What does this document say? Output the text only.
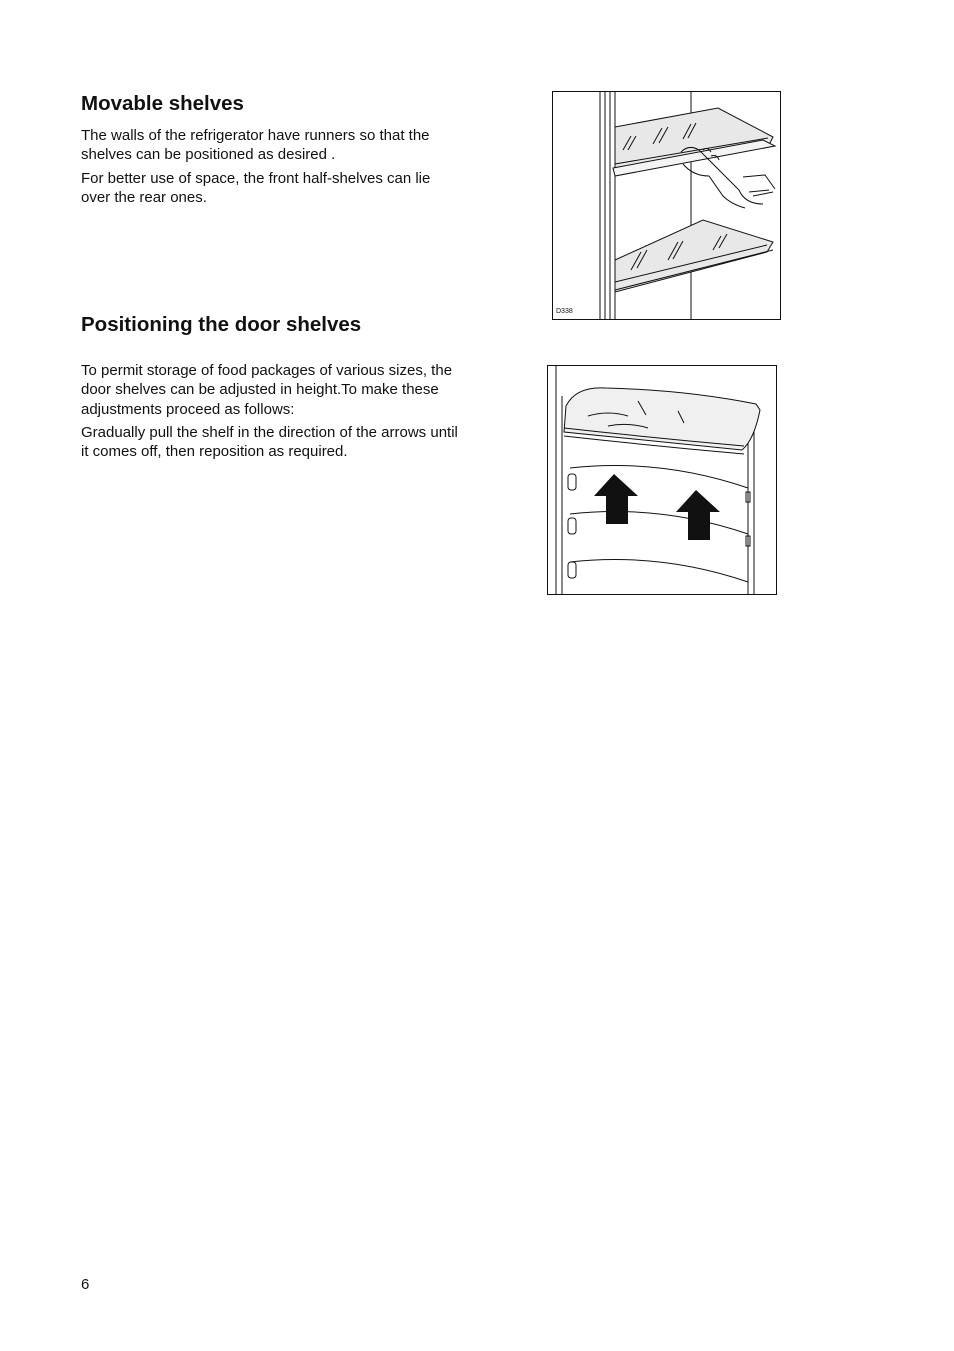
Movable shelves

The walls of the refrigerator have runners so that the shelves can be positioned as desired .

For better use of space, the front half-shelves can lie over the rear ones.

Positioning the door shelves

To permit storage of food packages of various sizes, the door shelves can be adjusted in height.To make these adjustments proceed as follows:

Gradually pull the shelf in the direction of the arrows until it comes off, then reposition as required.

D338
6
